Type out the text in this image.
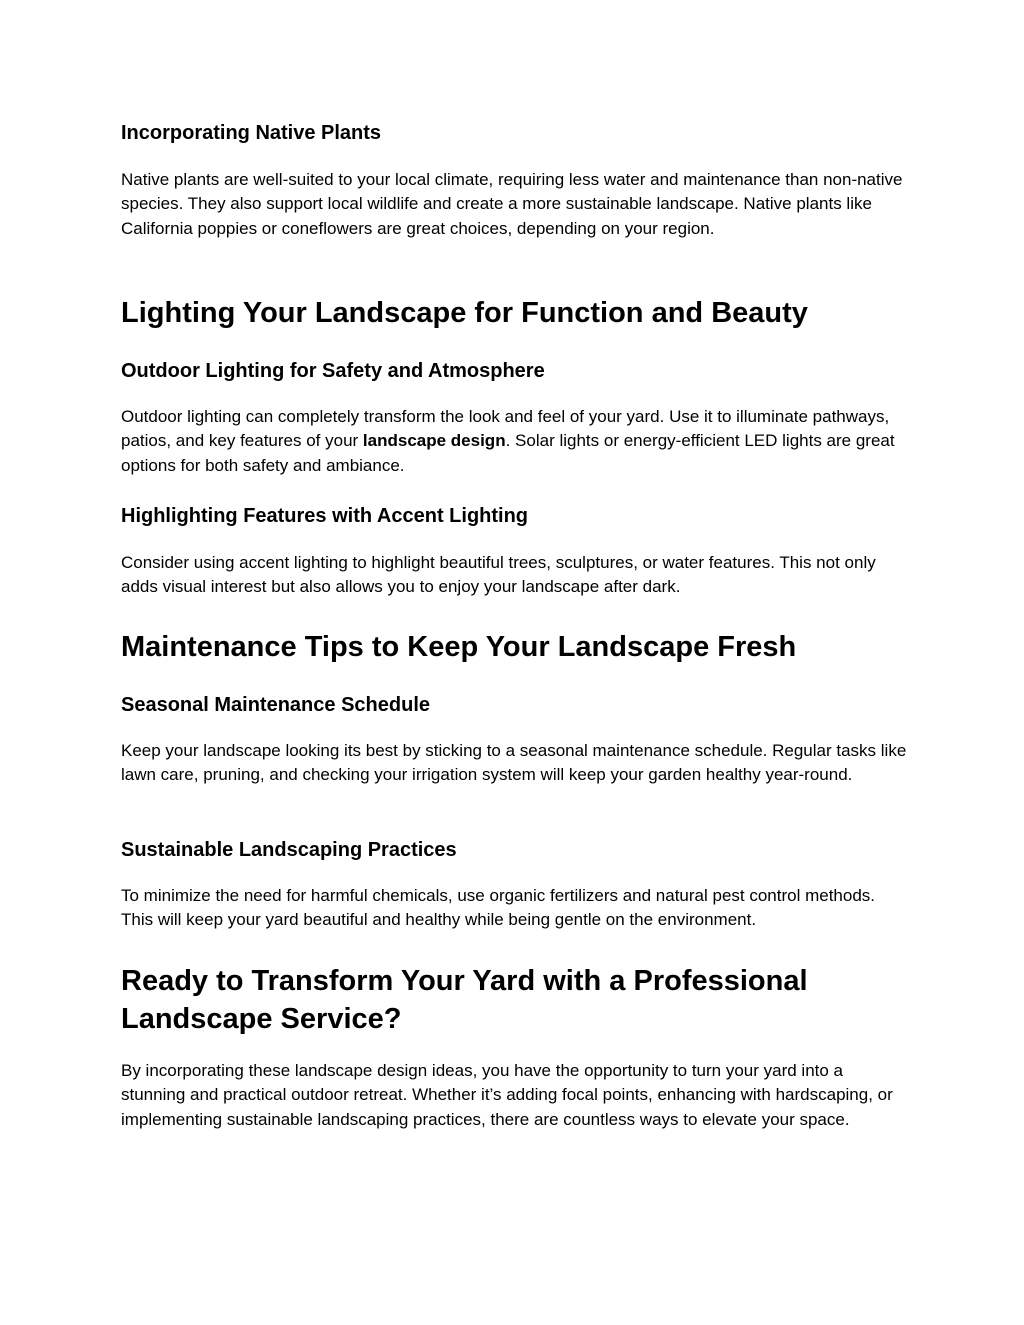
Incorporating Native Plants

Native plants are well-suited to your local climate, requiring less water and maintenance than non-native species. They also support local wildlife and create a more sustainable landscape. Native plants like California poppies or coneflowers are great choices, depending on your region.

Lighting Your Landscape for Function and Beauty
Outdoor Lighting for Safety and Atmosphere

Outdoor lighting can completely transform the look and feel of your yard. Use it to illuminate pathways, patios, and key features of your landscape design. Solar lights or energy-efficient LED lights are great options for both safety and ambiance.

Highlighting Features with Accent Lighting

Consider using accent lighting to highlight beautiful trees, sculptures, or water features. This not only adds visual interest but also allows you to enjoy your landscape after dark.

Maintenance Tips to Keep Your Landscape Fresh
Seasonal Maintenance Schedule

Keep your landscape looking its best by sticking to a seasonal maintenance schedule. Regular tasks like lawn care, pruning, and checking your irrigation system will keep your garden healthy year-round.

Sustainable Landscaping Practices

To minimize the need for harmful chemicals, use organic fertilizers and natural pest control methods. This will keep your yard beautiful and healthy while being gentle on the environment.

Ready to Transform Your Yard with a Professional Landscape Service?

By incorporating these landscape design ideas, you have the opportunity to turn your yard into a stunning and practical outdoor retreat. Whether it’s adding focal points, enhancing with hardscaping, or implementing sustainable landscaping practices, there are countless ways to elevate your space.
